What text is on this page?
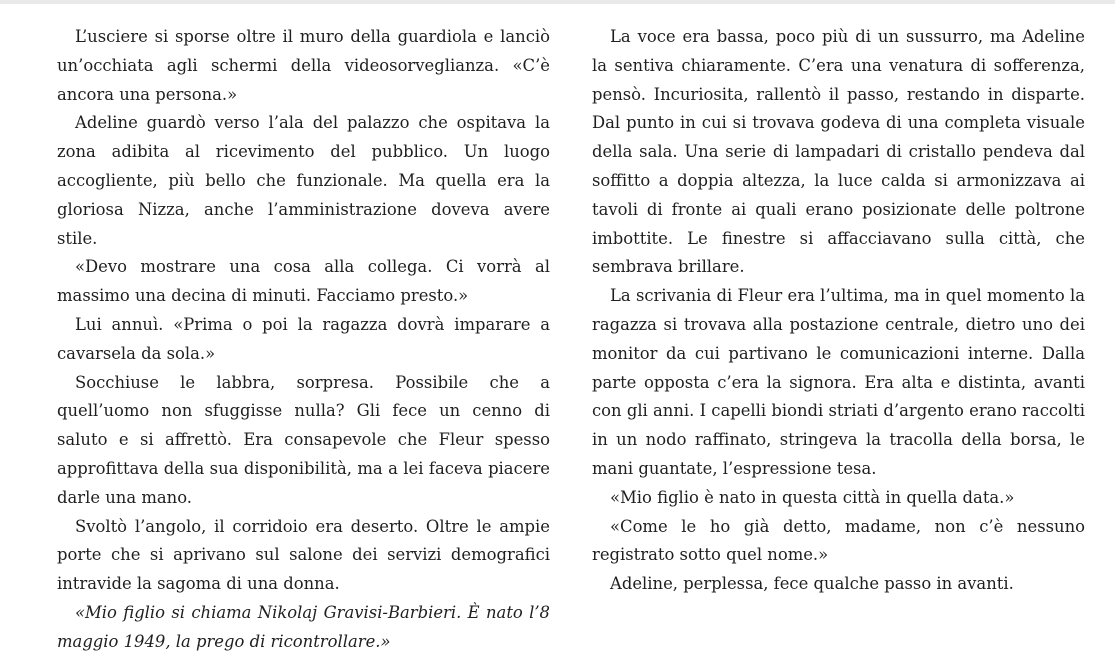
L’usciere si sporse oltre il muro della guardiola e lanciò un’occhiata agli schermi della videosorveglianza. «C’è ancora una persona.»

Adeline guardò verso l’ala del palazzo che ospitava la zona adibita al ricevimento del pubblico. Un luogo accogliente, più bello che funzionale. Ma quella era la gloriosa Nizza, anche l’amministrazione doveva avere stile.

«Devo mostrare una cosa alla collega. Ci vorrà al massimo una decina di minuti. Facciamo presto.»

Lui annuì. «Prima o poi la ragazza dovrà imparare a cavarsela da sola.»

Socchiuse le labbra, sorpresa. Possibile che a quell’uomo non sfuggisse nulla? Gli fece un cenno di saluto e si affrettò. Era consapevole che Fleur spesso approfittava della sua disponibilità, ma a lei faceva piacere darle una mano.

Svoltò l’angolo, il corridoio era deserto. Oltre le ampie porte che si aprivano sul salone dei servizi demografici intravide la sagoma di una donna.

«Mio figlio si chiama Nikolaj Gravisi-Barbieri. È nato l’8 maggio 1949, la prego di ricontrollare.»

La voce era bassa, poco più di un sussurro, ma Adeline la sentiva chiaramente. C’era una venatura di sofferenza, pensò. Incuriosita, rallentò il passo, restando in disparte. Dal punto in cui si trovava godeva di una completa visuale della sala. Una serie di lampadari di cristallo pendeva dal soffitto a doppia altezza, la luce calda si armonizzava ai tavoli di fronte ai quali erano posizionate delle poltrone imbottite. Le finestre si affacciavano sulla città, che sembrava brillare.

La scrivania di Fleur era l’ultima, ma in quel momento la ragazza si trovava alla postazione centrale, dietro uno dei monitor da cui partivano le comunicazioni interne. Dalla parte opposta c’era la signora. Era alta e distinta, avanti con gli anni. I capelli biondi striati d’argento erano raccolti in un nodo raffinato, stringeva la tracolla della borsa, le mani guantate, l’espressione tesa.

«Mio figlio è nato in questa città in quella data.»

«Come le ho già detto, madame, non c’è nessuno registrato sotto quel nome.»

Adeline, perplessa, fece qualche passo in avanti.
